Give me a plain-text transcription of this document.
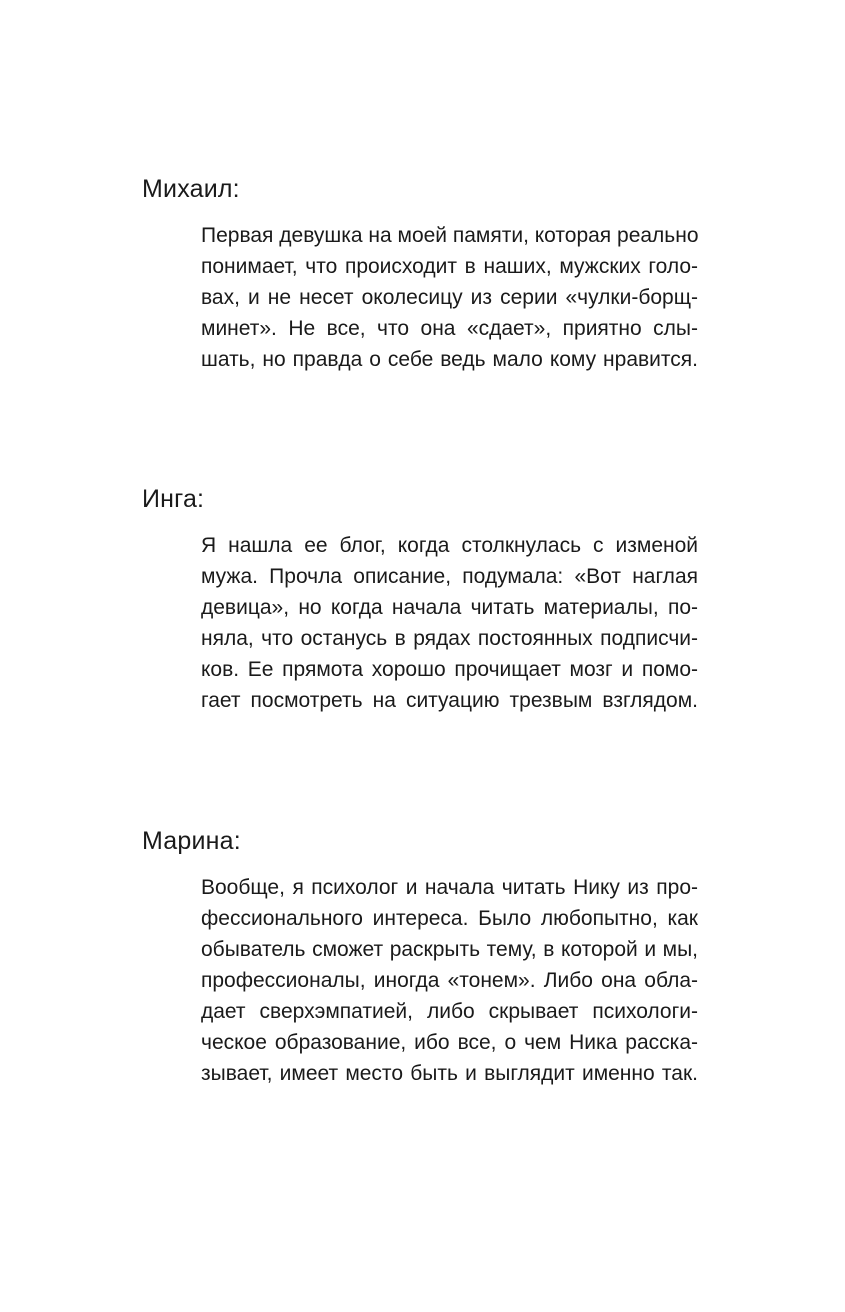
Михаил:
Первая девушка на моей памяти, которая реально
понимает, что происходит в наших, мужских голо-
вах, и не несет околесицу из серии «чулки-борщ-
минет». Не все, что она «сдает», приятно слы-
шать, но правда о себе ведь мало кому нравится.
Инга:
Я нашла ее блог, когда столкнулась с изменой
мужа. Прочла описание, подумала: «Вот наглая
девица», но когда начала читать материалы, по-
няла, что останусь в рядах постоянных подписчи-
ков. Ее прямота хорошо прочищает мозг и помо-
гает посмотреть на ситуацию трезвым взглядом.
Марина:
Вообще, я психолог и начала читать Нику из про-
фессионального интереса. Было любопытно, как
обыватель сможет раскрыть тему, в которой и мы,
профессионалы, иногда «тонем». Либо она обла-
дает сверхэмпатией, либо скрывает психологи-
ческое образование, ибо все, о чем Ника расска-
зывает, имеет место быть и выглядит именно так.
